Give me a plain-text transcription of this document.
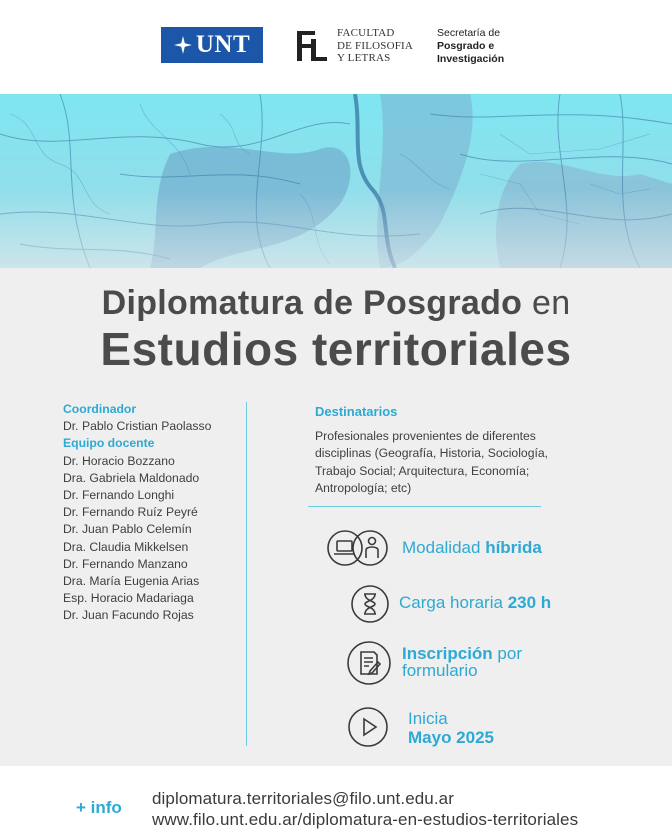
UNT	FACULTAD
DE FILOSOFIA
Y LETRAS
Secretaría de
Posgrado e
Investigación
Diplomatura de Posgrado en
Estudios territoriales
Coordinador
Dr. Pablo Cristian Paolasso
Equipo docente
Dr. Horacio Bozzano
Dra. Gabriela Maldonado
Dr. Fernando Longhi
Dr. Fernando Ruíz Peyré
Dr. Juan Pablo Celemín
Dra. Claudia Mikkelsen
Dr. Fernando Manzano
Dra. María Eugenia Arias
Esp. Horacio Madariaga
Dr. Juan Facundo Rojas
Destinatarios
Profesionales provenientes de diferentes
disciplinas (Geografía, Historia, Sociología,
Trabajo Social; Arquitectura, Economía;
Antropología; etc)
Modalidad híbrida
Carga horaria 230 h
Inscripción por
formulario
Inicia
Mayo 2025
+ info diplomatura.territoriales@filo.unt.edu.ar
www.filo.unt.edu.ar/diplomatura-en-estudios-territoriales
